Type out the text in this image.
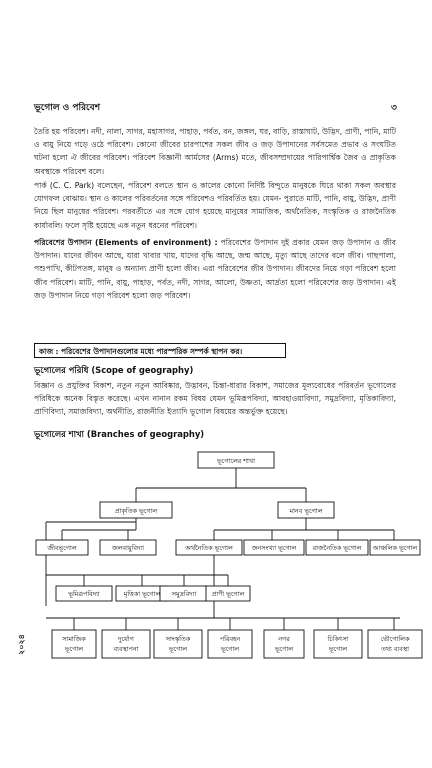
ভূগোল ও পরিবেশ	৩

তৈরি হয় পরিবেশ। নদী, নালা, সাগর, মহাসাগর, পাহাড়, পর্বত, বন, জঙ্গল, ঘর, বাড়ি, রাস্তাঘাট, উদ্ভিদ, প্রাণী, পানি, মাটি ও বায়ু নিয়ে গড়ে ওঠে পরিবেশ। কোনো জীবের চারপাশের সকল জীব ও জড় উপাদানের সর্বসমেত প্রভাব ও সংঘটিত ঘটনা হলো ঐ জীবের পরিবেশ। পরিবেশ বিজ্ঞানী আর্মসের (Arms) মতে, জীবসম্প্রদায়ের পারিপার্শ্বিক জৈব ও প্রাকৃতিক অবস্থাকে পরিবেশ বলে।

পার্ক (C. C. Park) বলেছেন, পরিবেশ বলতে স্থান ও কালের কোনো নির্দিষ্ট বিন্দুতে মানুষকে ঘিরে থাকা সকল অবস্থার যোগফল বোঝায়। স্থান ও কালের পরিবর্তনের সঙ্গে পরিবেশও পরিবর্তিত হয়। যেমন- পুরাতে মাটি, পানি, বায়ু, উদ্ভিদ, প্রাণী নিয়ে ছিল মানুষের পরিবেশ। পরবর্তীতে এর সঙ্গে যোগ হয়েছে মানুষের সামাজিক, অর্থনৈতিক, সংস্কৃতিক ও রাজনৈতিক কার্যাবলি। ফলে সৃষ্টি হয়েছে এক নতুন ধরনের পরিবেশ।

পরিবেশের উপাদান (Elements of environment) : পরিবেশের উপাদান দুই প্রকার যেমন জড় উপাদান ও জীব উপাদান। যাদের জীবন আছে, যারা খাবার খায়, যাদের বৃদ্ধি আছে, জন্ম আছে, মৃত্যু আছে তাদের বলে জীব। গাছপালা, পশুপাখি, কীটপতঙ্গ, মানুষ ও অন্যান্য প্রাণী হলো জীব। এরা পরিবেশের জীব উপাদান। জীবদের নিয়ে গড়া পরিবেশ হলো জীব পরিবেশ। মাটি, পানি, বায়ু, পাহাড়, পর্বত, নদী, সাগর, আলো, উষ্ণতা, আর্দ্রতা হলো পরিবেশের জড় উপাদান। এই জড় উপাদান নিয়ে গড়া পরিবেশ হলো জড় পরিবেশ।

কাজ : পরিবেশের উপাদানগুলোর মধ্যে পারস্পরিক সম্পর্ক স্থাপন কর।
ভূগোলের পরিধি (Scope of geography)

বিজ্ঞান ও প্রযুক্তির বিকাশ, নতুন নতুন আবিষ্কার, উদ্ভাবন, চিন্তা-ধারার বিকাশ, সমাজের মূল্যবোধের পরিবর্তন ভূগোলের পরিধিকে অনেক বিস্তৃত করেছে। এখন নানান রকম বিষয় যেমন ভূমিরূপবিদ্যা, আবহাওয়াবিদ্যা, সমুদ্রবিদ্যা, মৃত্তিকাবিদ্যা, প্রাণিবিদ্যা, সমাজবিদ্যা, অর্থনীতি, রাজনীতি ইত্যাদি ভূগোল বিষয়ের অন্তর্ভুক্ত হয়েছে।

ভূগোলের শাখা (Branches of geography)
ভূগোলের শাখা
প্রাকৃতিক ভূগোল	মানব ভূগোল
জীবভূগোল	জলবায়ুবিদ্যা	অর্থনৈতিক ভূগোল	জনসংখ্যা ভূগোল	রাজনৈতিক ভূগোল আঞ্চলিক ভূগোল
ভূমিরূপবিদ্যা	মৃত্তিকা ভূগোল সমুদ্রবিদ্যা প্রাণী ভূগোল
সামাজিক
ভূগোল
দুর্যোগ
ব্যবস্থাপনা
সাংস্কৃতিক
ভূগোল
পরিবহন
ভূগোল
নগর
ভূগোল
চিকিৎসা
ভূগোল
ভৌগোলিক
তথ্য ব্যবস্থা
২০২৪
